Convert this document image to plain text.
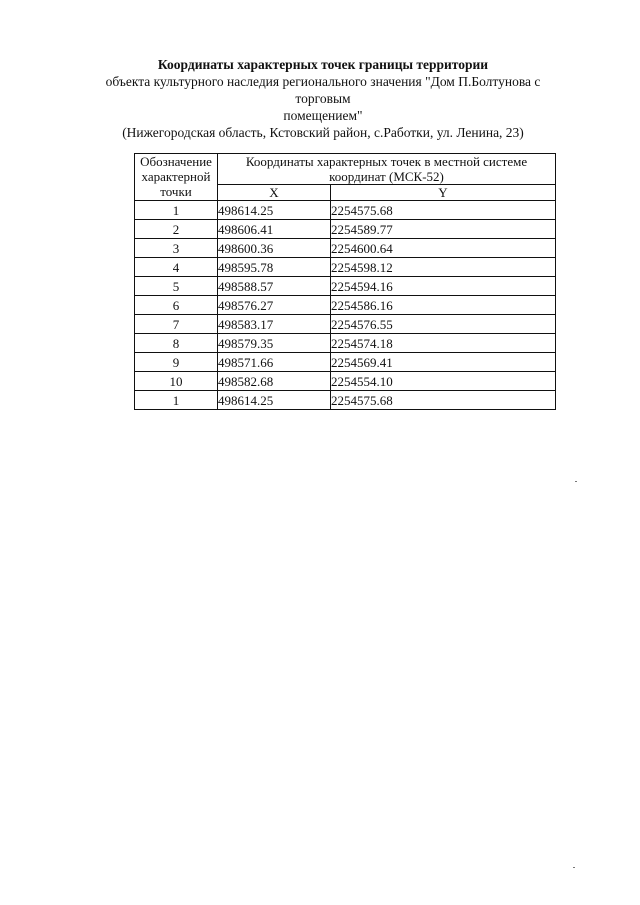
Координаты характерных точек границы территории
объекта культурного наследия регионального значения "Дом П.Болтунова с торговым
помещением"
(Нижегородская область, Кстовский район, с.Работки, ул. Ленина, 23)
Обозначение характерной точки	Координаты характерных точек в местной системе координат (МСК-52)	
	X	Y
1	498614.25	2254575.68
2	498606.41	2254589.77
3	498600.36	2254600.64
4	498595.78	2254598.12
5	498588.57	2254594.16
6	498576.27	2254586.16
7	498583.17	2254576.55
8	498579.35	2254574.18
9	498571.66	2254569.41
10	498582.68	2254554.10
1	498614.25	2254575.68
